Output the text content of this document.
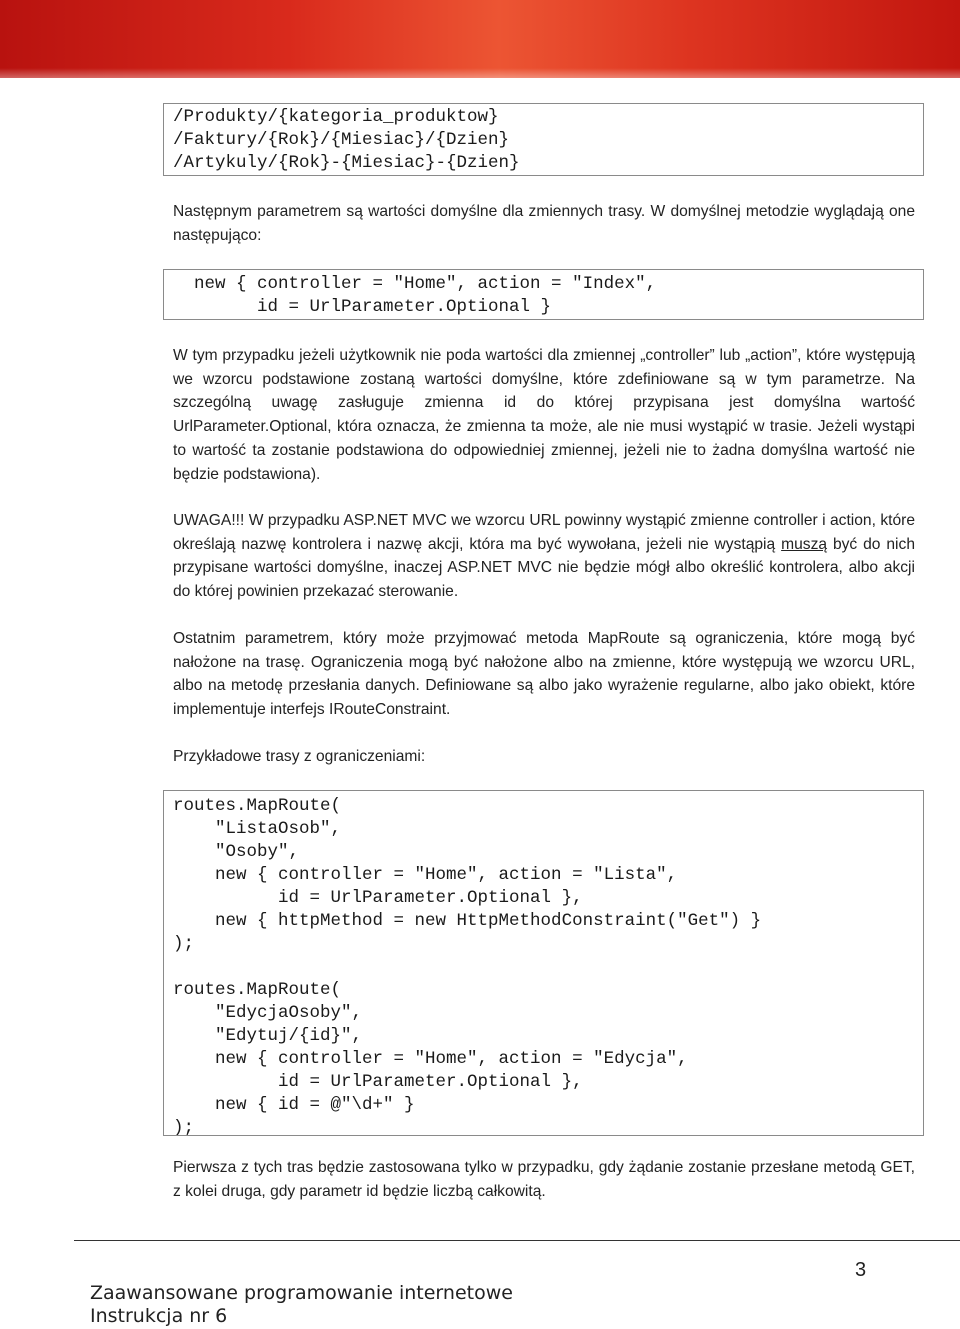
/Produkty/{kategoria_produktow}
/Faktury/{Rok}/{Miesiac}/{Dzien}
/Artykuly/{Rok}-{Miesiac}-{Dzien}

Następnym parametrem są wartości domyślne dla zmiennych trasy. W domyślnej metodzie wyglądają one następująco:

new { controller = "Home", action = "Index",
id = UrlParameter.Optional }

W tym przypadku jeżeli użytkownik nie poda wartości dla zmiennej „controller” lub „action”, które występują we wzorcu podstawione zostaną wartości domyślne, które zdefiniowane są w tym parametrze. Na szczególną uwagę zasługuje zmienna id do której przypisana jest domyślna wartość UrlParameter.Optional, która oznacza, że zmienna ta może, ale nie musi wystąpić w trasie. Jeżeli wystąpi to wartość ta zostanie podstawiona do odpowiedniej zmiennej, jeżeli nie to żadna domyślna wartość nie będzie podstawiona).

UWAGA!!! W przypadku ASP.NET MVC we wzorcu URL powinny wystąpić zmienne controller i action, które określają nazwę kontrolera i nazwę akcji, która ma być wywołana, jeżeli nie wystąpią muszą być do nich przypisane wartości domyślne, inaczej ASP.NET MVC nie będzie mógł albo określić kontrolera, albo akcji do której powinien przekazać sterowanie.

Ostatnim parametrem, który może przyjmować metoda MapRoute są ograniczenia, które mogą być nałożone na trasę. Ograniczenia mogą być nałożone albo na zmienne, które występują we wzorcu URL, albo na metodę przesłania danych. Definiowane są albo jako wyrażenie regularne, albo jako obiekt, które implementuje interfejs IRouteConstraint.

Przykładowe trasy z ograniczeniami:

routes.MapRoute(
"ListaOsob",
"Osoby",
new { controller = "Home", action = "Lista",
id = UrlParameter.Optional },
new { httpMethod = new HttpMethodConstraint("Get") }
);
routes.MapRoute(
"EdycjaOsoby",
"Edytuj/{id}",
new { controller = "Home", action = "Edycja",
id = UrlParameter.Optional },
new { id = @"\d+" }
);

Pierwsza z tych tras będzie zastosowana tylko w przypadku, gdy żądanie zostanie przesłane metodą GET, z kolei druga, gdy parametr id będzie liczbą całkowitą.

3
Zaawansowane programowanie internetowe
Instrukcja nr 6
